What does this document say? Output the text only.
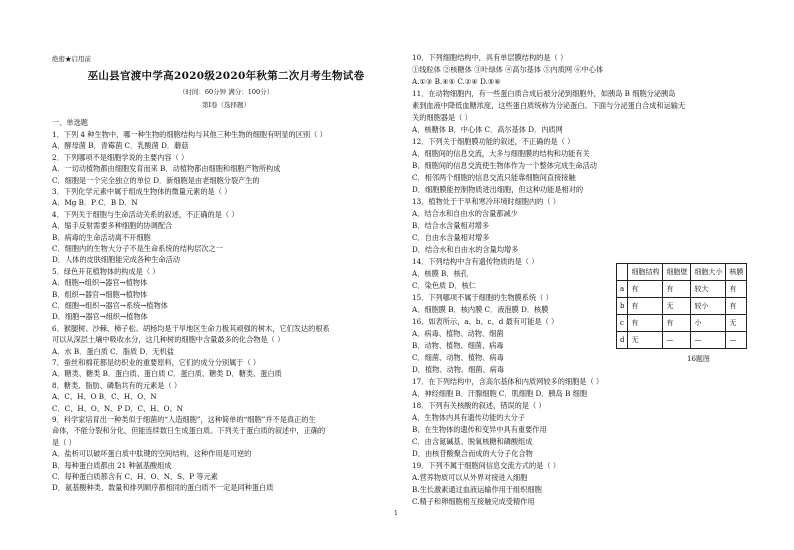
绝密★启用前
巫山县官渡中学高2020级2020年秋第二次月考生物试卷
（时间：60分钟 满分：100分）
第Ⅰ卷（选择题）
一、单选题
1．下列 4 种生物中，哪一种生物的细胞结构与其他三种生物的细胞有明显的区别（ ）
A．酵母菌 B．青霉菌 C．乳酸菌 D．蘑菇
2．下列哪项不是细胞学说的主要内容（ ）
A．一切动植物都由细胞发育而来 B．动植物都由细胞和细胞产物所构成
C．细胞是一个完全独立的单位 D．新细胞是由老细胞分裂产生的
3．下列化学元素中属于组成生物体的微量元素的是（ ）
A．Mg B．P C．B D．N
4．下列关于细胞与生命活动关系的叙述，不正确的是（ ）
A．缩手反射需要多种细胞的协调配合
B．病毒的生命活动离不开细胞
C．细胞内的生物大分子不是生命系统的结构层次之一
D．人体的皮肤细胞能完成各种生命活动
5．绿色开花植物体的构成是（ ）
A．细胞→组织→器官→植物体
B．组织→器官→细胞→植物体
C．细胞→组织→器官→系统→植物体
D．细胞→器官→组织→植物体
6．猴腿树、沙棘、樟子松、胡杨均是干旱地区生命力极其顽强的树木，它们发达的根系
可以从深层土壤中吸收水分，这几种树的细胞中含量最多的化合物是（ ）
A．水 B．蛋白质 C．脂质 D．无机盐
7．蚕丝和棉花都是纺织业的重要原料，它们的成分分别属于（ ）
A．糖类、糖类 B．蛋白质、蛋白质 C．蛋白质、糖类 D．糖类、蛋白质
8．糖类、脂肪、磷脂共有的元素是（ ）
A．C、H、O B．C、H、O、N
C．C、H、O、N、P D．C、H、O、N
9．科学家培育出一种类似于细菌的“人造细胞”，这种简单的“细胞”并不是真正的生
命体，不能分裂和分化，但能连续数日生成蛋白质。下列关于蛋白质的叙述中，正确的
是（ ）
A．盐析可以破坏蛋白质中肽键的空间结构，这种作用是可逆的
B．每种蛋白质都由 21 种氨基酸组成
C．每种蛋白质都含有 C、H、O、N、S、P 等元素
D．氨基酸种类、数量和排列顺序都相同的蛋白质不一定是同种蛋白质
10．下列细胞结构中，具有单层膜结构的是（ ）
①线粒体 ②核糖体 ③叶绿体 ④高尔基体 ⑤内质网 ⑥中心体
A.①③ B.④⑤ C.②④ D.⑤⑥
11．在动物细胞内，有一些蛋白质合成后被分泌到细胞外，如胰岛 B 细胞分泌胰岛
素到血液中降低血糖浓度，这些蛋白质统称为分泌蛋白。下面与分泌蛋白合成和运输无
关的细胞器是（ ）
A．核糖体 B．中心体 C．高尔基体 D．内质网
12．下列关于细胞膜功能的叙述，不正确的是（ ）
A．细胞间的信息交流，大多与细胞膜的结构和功能有关
B．细胞间的信息交流使生物体作为一个整体完成生命活动
C．相邻两个细胞的信息交流只能靠细胞间直接接触
D．细胞膜能控制物质进出细胞，但这种功能是相对的
13．植物处于干旱和寒冷环境时细胞内的（ ）
A．结合水和自由水的含量都减少
B．结合水含量相对增多
C．自由水含量相对增多
D．结合水和自由水的含量均增多
14．下列结构中含有遗传物质的是（ ）
A．核膜 B．核孔
C．染色质 D．核仁
15．下列哪项不属于细胞的生物膜系统（ ）
A．细胞膜 B．核内膜 C．液泡膜 D．核膜
16．如表所示，a、b、c、d 最有可能是（ ）
A．病毒、植物、动物、细菌
B．动物、植物、细菌、病毒
C．细菌、动物、植物、病毒
D．植物、动物、细菌、病毒
17．在下列结构中，含高尔基体和内质网较多的细胞是（ ）
A．神经细胞 B．汗腺细胞 C．肌细胞 D．胰岛 B 细胞
18．下列有关核酸的叙述，错误的是（ ）
A．生物体内具有遗传功能的大分子
B．在生物体的遗传和变异中具有重要作用
C．由含氮碱基、脱氧核糖和磷酸组成
D．由核苷酸聚合而成的大分子化合物
19．下列不属于细胞间信息交流方式的是（ ）
A.营养物质可以从外界对接进入细胞
B.生长激素通过血液运输作用于组织细胞
C.精子和卵细胞相互接触完成受精作用
	细胞结构	细胞壁	细胞大小	核膜
a	有	有	较大	有
b	有	无	较小	有
c	有	有	小	无
d	无	—	—	—
16题图
1
